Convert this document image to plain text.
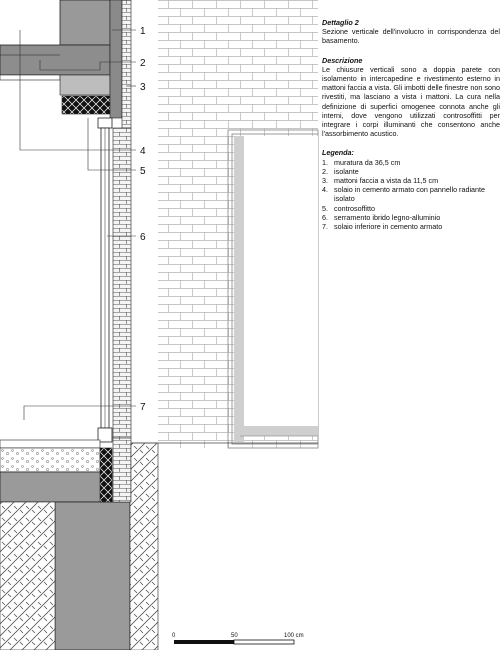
1
2
3
4
5
6
7
0	50	100 cm
Dettaglio 2

Sezione verticale dell'involucro in corrispondenza del basamento.

Descrizione

Le chiusure verticali sono a doppia parete con isolamento in intercapedine e rivestimento esterno in mattoni faccia a vista. Gli imbotti delle finestre non sono rivestiti, ma lasciano a vista i mattoni. La cura nella definizione di superfici omogenee connota anche gli interni, dove vengono utilizzati controsoffitti per integrare i corpi illuminanti che consentono anche l'assorbimento acustico.

Legenda:
1. muratura da 36,5 cm
2. isolante
3. mattoni faccia a vista da 11,5 cm
4. solaio in cemento armato con pannello radiante isolato
5. controsoffitto
6. serramento ibrido legno-alluminio
7. solaio inferiore in cemento armato
